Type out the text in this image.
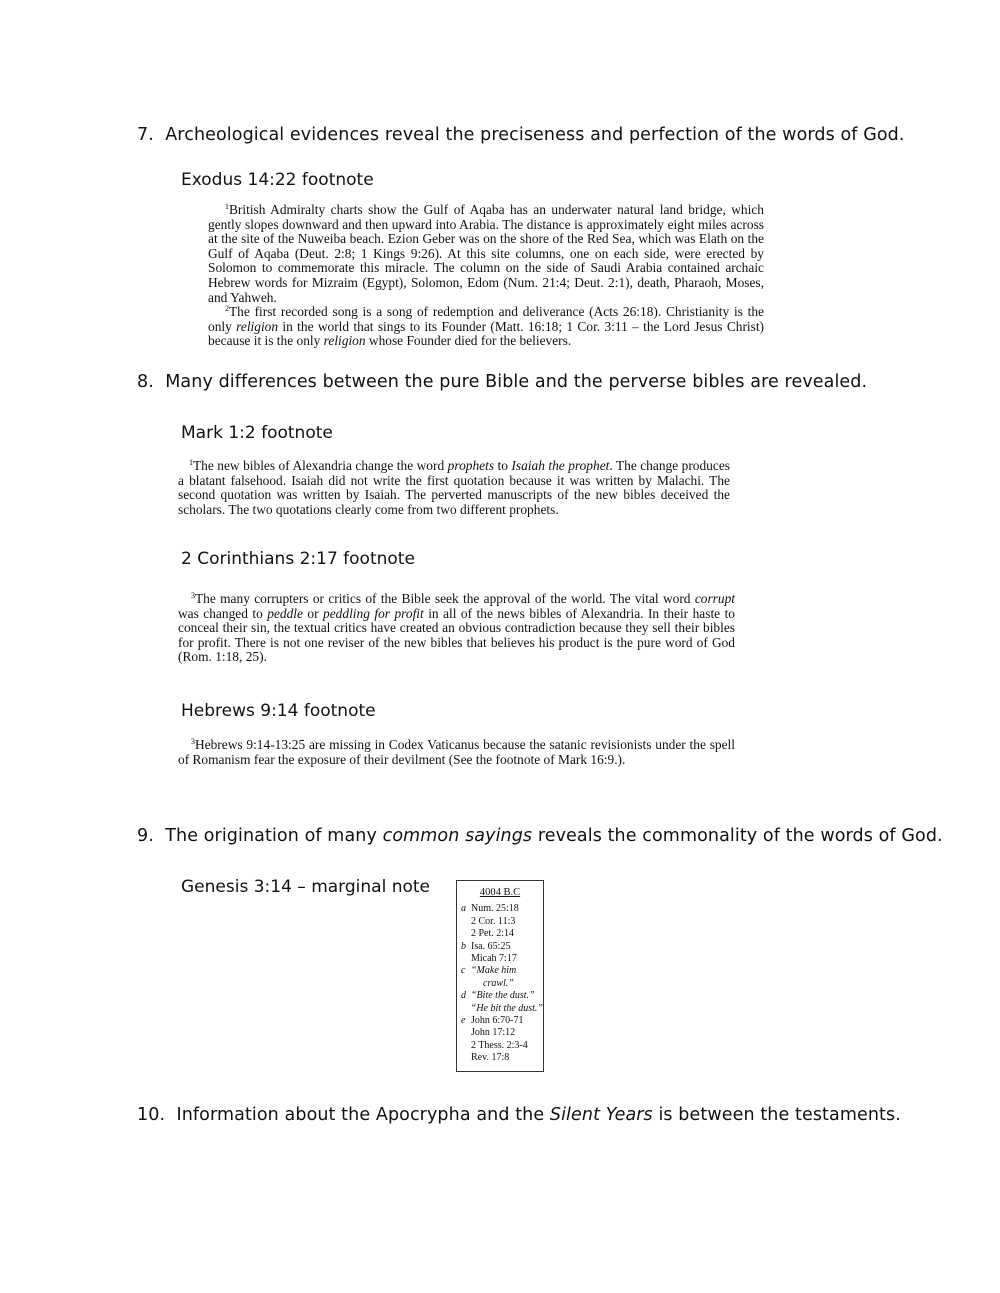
7. Archeological evidences reveal the preciseness and perfection of the words of God.
Exodus 14:22 footnote

$^1$British Admiralty charts show the Gulf of Aqaba has an underwater natural land bridge, which gently slopes downward and then upward into Arabia. The distance is approximately eight miles across at the site of the Nuweiba beach. Ezion Geber was on the shore of the Red Sea, which was Elath on the Gulf of Aqaba (Deut. 2:8; 1 Kings 9:26). At this site columns, one on each side, were erected by Solomon to commemorate this miracle. The column on the side of Saudi Arabia contained archaic Hebrew words for Mizraim (Egypt), Solomon, Edom (Num. 21:4; Deut. 2:1), death, Pharaoh, Moses, and Yahweh.

$^2$The first recorded song is a song of redemption and deliverance (Acts 26:18). Christianity is the only religion in the world that sings to its Founder (Matt. 16:18; 1 Cor. 3:11 – the Lord Jesus Christ) because it is the only religion whose Founder died for the believers.

8. Many differences between the pure Bible and the perverse bibles are revealed.
Mark 1:2 footnote

$^1$The new bibles of Alexandria change the word prophets to Isaiah the prophet. The change produces a blatant falsehood. Isaiah did not write the first quotation because it was written by Malachi. The second quotation was written by Isaiah. The perverted manuscripts of the new bibles deceived the scholars. The two quotations clearly come from two different prophets.

2 Corinthians 2:17 footnote

$^3$The many corrupters or critics of the Bible seek the approval of the world. The vital word corrupt was changed to peddle or peddling for profit in all of the news bibles of Alexandria. In their haste to conceal their sin, the textual critics have created an obvious contradiction because they sell their bibles for profit. There is not one reviser of the new bibles that believes his product is the pure word of God (Rom. 1:18, 25).

Hebrews 9:14 footnote

$^3$Hebrews 9:14-13:25 are missing in Codex Vaticanus because the satanic revisionists under the spell of Romanism fear the exposure of their devilment (See the footnote of Mark 16:9.).

9. The origination of many common sayings reveals the commonality of the words of God.
Genesis 3:14 – marginal note	4004 B.C
a Num. 25:18
2 Cor. 11:3
2 Pet. 2:14
b Isa. 65:25
Micah 7:17
c “Make him
crawl.”
d “Bite the dust.”
“He bit the dust.”
e John 6:70-71
John 17:12
2 Thess. 2:3-4
Rev. 17:8
10. Information about the Apocrypha and the Silent Years is between the testaments.
